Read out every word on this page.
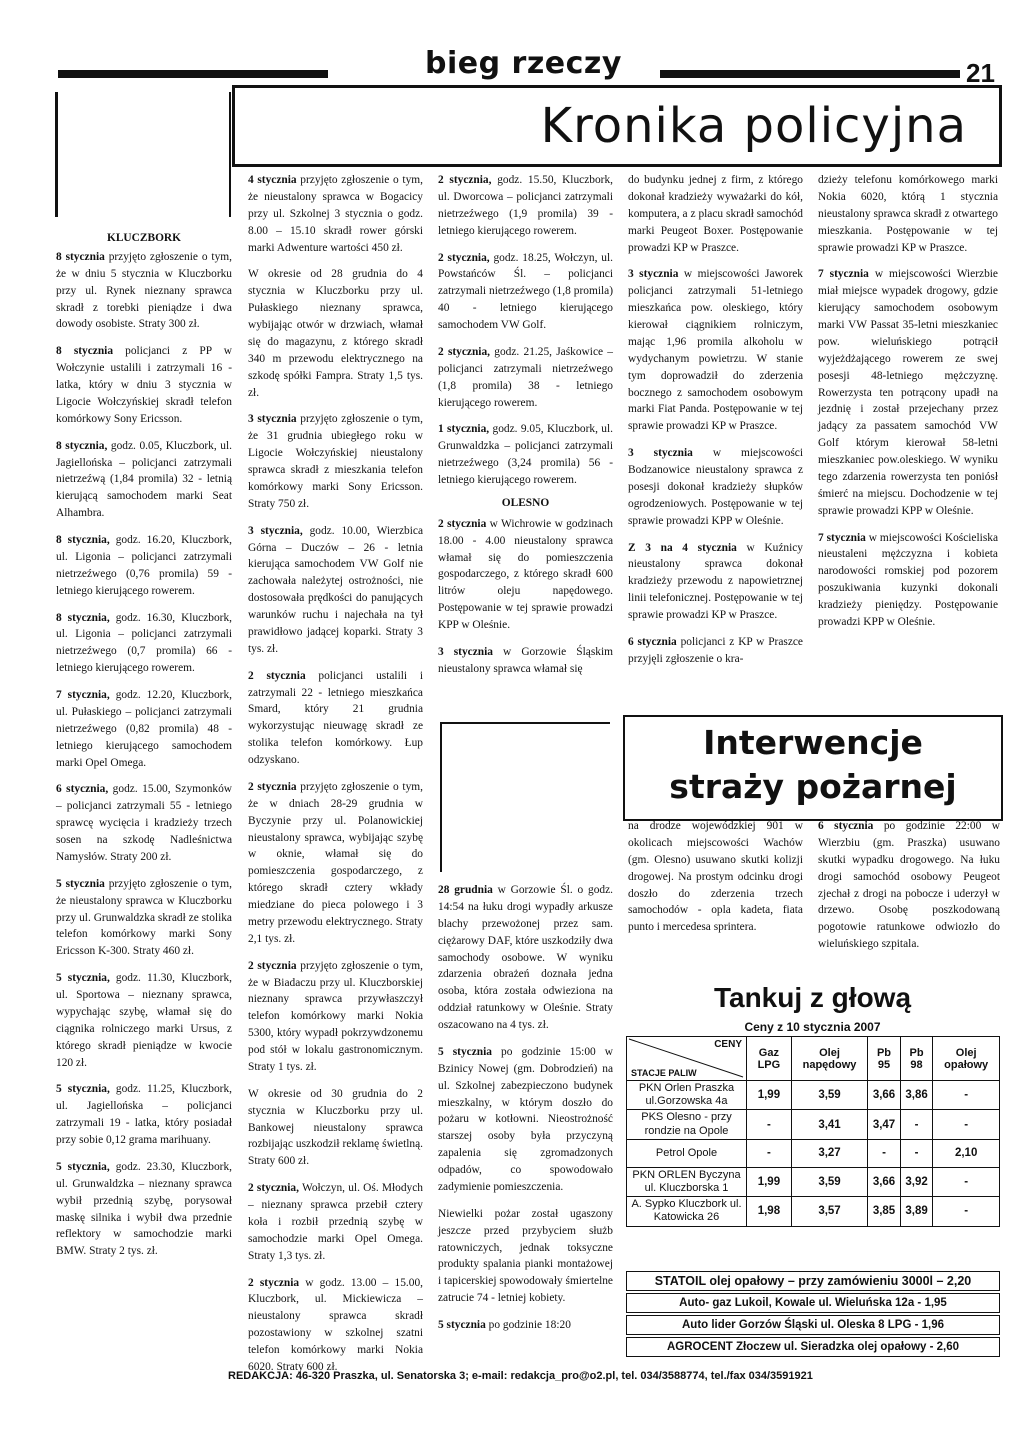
bieg rzeczy	21
Kronika policyjna
KLUCZBORK

8 stycznia przyjęto zgłoszenie o tym, że w dniu 5 stycznia w Kluczborku przy ul. Rynek nieznany sprawca skradł z torebki pieniądze i dwa dowody osobiste. Straty 300 zł.

8 stycznia policjanci z PP w Wołczynie ustalili i zatrzymali 16 - latka, który w dniu 3 stycznia w Ligocie Wołczyńskiej skradł telefon komórkowy Sony Ericsson.

8 stycznia, godz. 0.05, Kluczbork, ul. Jagiellońska – policjanci zatrzymali nietrzeźwą (1,84 promila) 32 - letnią kierującą samochodem marki Seat Alhambra.

8 stycznia, godz. 16.20, Kluczbork, ul. Ligonia – policjanci zatrzymali nietrzeźwego (0,76 promila) 59 - letniego kierującego rowerem.

8 stycznia, godz. 16.30, Kluczbork, ul. Ligonia – policjanci zatrzymali nietrzeźwego (0,7 promila) 66 - letniego kierującego rowerem.

7 stycznia, godz. 12.20, Kluczbork, ul. Pułaskiego – policjanci zatrzymali nietrzeźwego (0,82 promila) 48 - letniego kierującego samochodem marki Opel Omega.

6 stycznia, godz. 15.00, Szymonków – policjanci zatrzymali 55 - letniego sprawcę wycięcia i kradzieży trzech sosen na szkodę Nadleśnictwa Namysłów. Straty 200 zł.

5 stycznia przyjęto zgłoszenie o tym, że nieustalony sprawca w Kluczborku przy ul. Grunwaldzka skradł ze stolika telefon komórkowy marki Sony Ericsson K-300. Straty 460 zł.

5 stycznia, godz. 11.30, Kluczbork, ul. Sportowa – nieznany sprawca, wypychając szybę, włamał się do ciągnika rolniczego marki Ursus, z którego skradł pieniądze w kwocie 120 zł.

5 stycznia, godz. 11.25, Kluczbork, ul. Jagiellońska – policjanci zatrzymali 19 - latka, który posiadał przy sobie 0,12 grama marihuany.

5 stycznia, godz. 23.30, Kluczbork, ul. Grunwaldzka – nieznany sprawca wybił przednią szybę, porysował maskę silnika i wybił dwa przednie reflektory w samochodzie marki BMW. Straty 2 tys. zł.

4 stycznia przyjęto zgłoszenie o tym, że nieustalony sprawca w Bogacicy przy ul. Szkolnej 3 stycznia o godz. 8.00 – 15.10 skradł rower górski marki Adwenture wartości 450 zł.

W okresie od 28 grudnia do 4 stycznia w Kluczborku przy ul. Pułaskiego nieznany sprawca, wybijając otwór w drzwiach, włamał się do magazynu, z którego skradł 340 m przewodu elektrycznego na szkodę spółki Fampra. Straty 1,5 tys. zł.

3 stycznia przyjęto zgłoszenie o tym, że 31 grudnia ubiegłego roku w Ligocie Wołczyńskiej nieustalony sprawca skradł z mieszkania telefon komórkowy marki Sony Ericsson. Straty 750 zł.

3 stycznia, godz. 10.00, Wierzbica Górna – Duczów – 26 - letnia kierująca samochodem VW Golf nie zachowała należytej ostrożności, nie dostosowała prędkości do panujących warunków ruchu i najechała na tył prawidłowo jadącej koparki. Straty 3 tys. zł.

2 stycznia policjanci ustalili i zatrzymali 22 - letniego mieszkańca Smard, który 21 grudnia wykorzystując nieuwagę skradł ze stolika telefon komórkowy. Łup odzyskano.

2 stycznia przyjęto zgłoszenie o tym, że w dniach 28-29 grudnia w Byczynie przy ul. Polanowickiej nieustalony sprawca, wybijając szybę w oknie, włamał się do pomieszczenia gospodarczego, z którego skradł cztery wkłady miedziane do pieca polowego i 3 metry przewodu elektrycznego. Straty 2,1 tys. zł.

2 stycznia przyjęto zgłoszenie o tym, że w Biadaczu przy ul. Kluczborskiej nieznany sprawca przywłaszczył telefon komórkowy marki Nokia 5300, który wypadł pokrzywdzonemu pod stół w lokalu gastronomicznym. Straty 1 tys. zł.

W okresie od 30 grudnia do 2 stycznia w Kluczborku przy ul. Bankowej nieustalony sprawca rozbijając uszkodził reklamę świetlną. Straty 600 zł.

2 stycznia, Wołczyn, ul. Oś. Młodych – nieznany sprawca przebił cztery koła i rozbił przednią szybę w samochodzie marki Opel Omega. Straty 1,3 tys. zł.

2 stycznia w godz. 13.00 – 15.00, Kluczbork, ul. Mickiewicza – nieustalony sprawca skradł pozostawiony w szkolnej szatni telefon komórkowy marki Nokia 6020. Straty 600 zł.

2 stycznia, godz. 15.50, Kluczbork, ul. Dworcowa – policjanci zatrzymali nietrzeźwego (1,9 promila) 39 - letniego kierującego rowerem.

2 stycznia, godz. 18.25, Wołczyn, ul. Powstańców Śl. – policjanci zatrzymali nietrzeźwego (1,8 promila) 40 - letniego kierującego samochodem VW Golf.

2 stycznia, godz. 21.25, Jaśkowice – policjanci zatrzymali nietrzeźwego (1,8 promila) 38 - letniego kierującego rowerem.

1 stycznia, godz. 9.05, Kluczbork, ul. Grunwaldzka – policjanci zatrzymali nietrzeźwego (3,24 promila) 56 - letniego kierującego rowerem.

OLESNO

2 stycznia w Wichrowie w godzinach 18.00 - 4.00 nieustalony sprawca włamał się do pomieszczenia gospodarczego, z którego skradł 600 litrów oleju napędowego. Postępowanie w tej sprawie prowadzi KPP w Oleśnie.

3 stycznia w Gorzowie Śląskim nieustalony sprawca włamał się

do budynku jednej z firm, z którego dokonał kradzieży wyważarki do kół, komputera, a z placu skradł samochód marki Peugeot Boxer. Postępowanie prowadzi KP w Praszce.

3 stycznia w miejscowości Jaworek policjanci zatrzymali 51-letniego mieszkańca pow. oleskiego, który kierował ciągnikiem rolniczym, mając 1,96 promila alkoholu w wydychanym powietrzu. W stanie tym doprowadził do zderzenia bocznego z samochodem osobowym marki Fiat Panda. Postępowanie w tej sprawie prowadzi KP w Praszce.

3 stycznia w miejscowości Bodzanowice nieustalony sprawca z posesji dokonał kradzieży słupków ogrodzeniowych. Postępowanie w tej sprawie prowadzi KPP w Oleśnie.

Z 3 na 4 stycznia w Kuźnicy nieustalony sprawca dokonał kradzieży przewodu z napowietrznej linii telefonicznej. Postępowanie w tej sprawie prowadzi KP w Praszce.

6 stycznia policjanci z KP w Praszce przyjęli zgłoszenie o kra-

dzieży telefonu komórkowego marki Nokia 6020, którą 1 stycznia nieustalony sprawca skradł z otwartego mieszkania. Postępowanie w tej sprawie prowadzi KP w Praszce.

7 stycznia w miejscowości Wierzbie miał miejsce wypadek drogowy, gdzie kierujący samochodem osobowym marki VW Passat 35-letni mieszkaniec pow. wieluńskiego potrącił wyjeżdżającego rowerem ze swej posesji 48-letniego mężczyznę. Rowerzysta ten potrącony upadł na jezdnię i został przejechany przez jadący za passatem samochód VW Golf którym kierował 58-letni mieszkaniec pow.oleskiego. W wyniku tego zdarzenia rowerzysta ten poniósł śmierć na miejscu. Dochodzenie w tej sprawie prowadzi KPP w Oleśnie.

7 stycznia w miejscowości Kościeliska nieustaleni mężczyzna i kobieta narodowości romskiej pod pozorem poszukiwania kuzynki dokonali kradzieży pieniędzy. Postępowanie prowadzi KPP w Oleśnie.

Interwencje straży pożarnej

28 grudnia w Gorzowie Śl. o godz. 14:54 na łuku drogi wypadły arkusze blachy przewożonej przez sam. ciężarowy DAF, które uszkodziły dwa samochody osobowe. W wyniku zdarzenia obrażeń doznała jedna osoba, która została odwieziona na oddział ratunkowy w Oleśnie. Straty oszacowano na 4 tys. zł.

5 stycznia po godzinie 15:00 w Bzinicy Nowej (gm. Dobrodzień) na ul. Szkolnej zabezpieczono budynek mieszkalny, w którym doszło do pożaru w kotłowni. Nieostrożność starszej osoby była przyczyną zapalenia się zgromadzonych odpadów, co spowodowało zadymienie pomieszczenia.

Niewielki pożar został ugaszony jeszcze przed przybyciem służb ratowniczych, jednak toksyczne produkty spalania pianki montażowej i tapicerskiej spowodowały śmiertelne zatrucie 74 - letniej kobiety.

5 stycznia po godzinie 18:20

na drodze wojewódzkiej 901 w okolicach miejscowości Wachów (gm. Olesno) usuwano skutki kolizji drogowej. Na prostym odcinku drogi doszło do zderzenia trzech samochodów - opla kadeta, fiata punto i mercedesa sprintera.

6 stycznia po godzinie 22:00 w Wierzbiu (gm. Praszka) usuwano skutki wypadku drogowego. Na łuku drogi samochód osobowy Peugeot zjechał z drogi na pobocze i uderzył w drzewo. Osobę poszkodowaną pogotowie ratunkowe odwiozło do wieluńskiego szpitala.

Tankuj z głową
Ceny z 10 stycznia 2007
CENY
STACJE PALIW	Gaz LPG	Olej napędowy	Pb 95	Pb 98	Olej opałowy
PKN Orlen Praszka ul.Gorzowska 4a	1,99	3,59	3,66	3,86	-
PKS Olesno - przy rondzie na Opole	-	3,41	3,47	-	-
Petrol Opole	-	3,27	-	-	2,10
PKN ORLEN Byczyna ul. Kluczborska 1	1,99	3,59	3,66	3,92	-
A. Sypko Kluczbork ul. Katowicka 26	1,98	3,57	3,85	3,89	-
STATOIL olej opałowy – przy zamówieniu 3000l – 2,20
Auto- gaz Lukoil, Kowale ul. Wieluńska 12a - 1,95
Auto lider Gorzów Śląski ul. Oleska 8 LPG - 1,96
AGROCENT Złoczew ul. Sieradzka olej opałowy - 2,60
REDAKCJA: 46-320 Praszka, ul. Senatorska 3; e-mail: redakcja_pro@o2.pl, tel. 034/3588774, tel./fax 034/3591921
